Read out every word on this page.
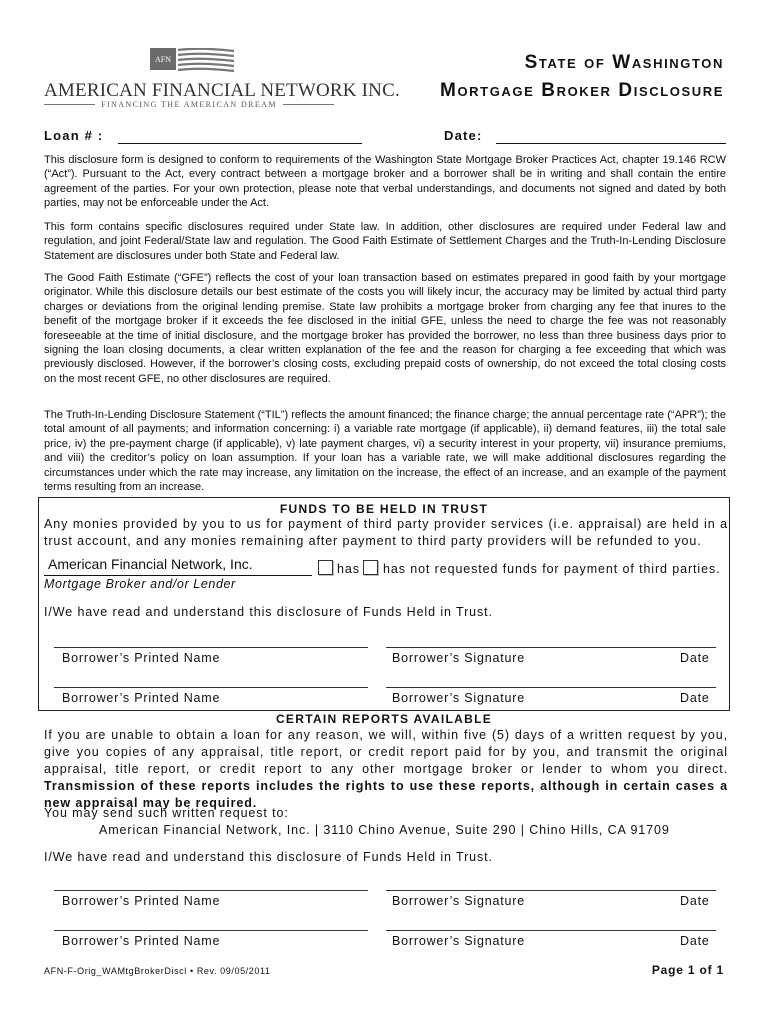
AFN
AMERICAN FINANCIAL NETWORK INC.
FINANCING THE AMERICAN DREAM
State of Washington
Mortgage Broker Disclosure
Loan # :	Date:

This disclosure form is designed to conform to requirements of the Washington State Mortgage Broker Practices Act, chapter 19.146 RCW (“Act”). Pursuant to the Act, every contract between a mortgage broker and a borrower shall be in writing and shall contain the entire agreement of the parties. For your own protection, please note that verbal understandings, and documents not signed and dated by both parties, may not be enforceable under the Act.

This form contains specific disclosures required under State law. In addition, other disclosures are required under Federal law and regulation, and joint Federal/State law and regulation. The Good Faith Estimate of Settlement Charges and the Truth-In-Lending Disclosure Statement are disclosures under both State and Federal law.

The Good Faith Estimate (“GFE”) reflects the cost of your loan transaction based on estimates prepared in good faith by your mortgage originator. While this disclosure details our best estimate of the costs you will likely incur, the accuracy may be limited by actual third party charges or deviations from the original lending premise. State law prohibits a mortgage broker from charging any fee that inures to the benefit of the mortgage broker if it exceeds the fee disclosed in the initial GFE, unless the need to charge the fee was not reasonably foreseeable at the time of initial disclosure, and the mortgage broker has provided the borrower, no less than three business days prior to signing the loan closing documents, a clear written explanation of the fee and the reason for charging a fee exceeding that which was previously disclosed. However, if the borrower’s closing costs, excluding prepaid costs of ownership, do not exceed the total closing costs on the most recent GFE, no other disclosures are required.

The Truth-In-Lending Disclosure Statement (“TIL”) reflects the amount financed; the finance charge; the annual percentage rate (“APR”); the total amount of all payments; and information concerning: i) a variable rate mortgage (if applicable), ii) demand features, iii) the total sale price, iv) the pre-payment charge (if applicable), v) late payment charges, vi) a security interest in your property, vii) insurance premiums, and viii) the creditor’s policy on loan assumption. If your loan has a variable rate, we will make additional disclosures regarding the circumstances under which the rate may increase, any limitation on the increase, the effect of an increase, and an example of the payment terms resulting from an increase.

FUNDS TO BE HELD IN TRUST
Any monies provided by you to us for payment of third party provider services (i.e. appraisal) are held in a trust account, and any monies remaining after payment to third party providers will be refunded to you.
American Financial Network, Inc.	has has not requested funds for payment of third parties.
Mortgage Broker and/or Lender
I/We have read and understand this disclosure of Funds Held in Trust.
Borrower’s Printed Name	Borrower’s Signature	Date
Borrower’s Printed Name	Borrower’s Signature	Date
CERTAIN REPORTS AVAILABLE
If you are unable to obtain a loan for any reason, we will, within five (5) days of a written request by you, give you copies of any appraisal, title report, or credit report paid for by you, and transmit the original appraisal, title report, or credit report to any other mortgage broker or lender to whom you direct. Transmission of these reports includes the rights to use these reports, although in certain cases a new appraisal may be required.
You may send such written request to:
American Financial Network, Inc. | 3110 Chino Avenue, Suite 290 | Chino Hills, CA 91709
I/We have read and understand this disclosure of Funds Held in Trust.
Borrower’s Printed Name	Borrower’s Signature	Date
Borrower’s Printed Name	Borrower’s Signature	Date
AFN-F-Orig_WAMtgBrokerDiscl • Rev. 09/05/2011	Page 1 of 1
